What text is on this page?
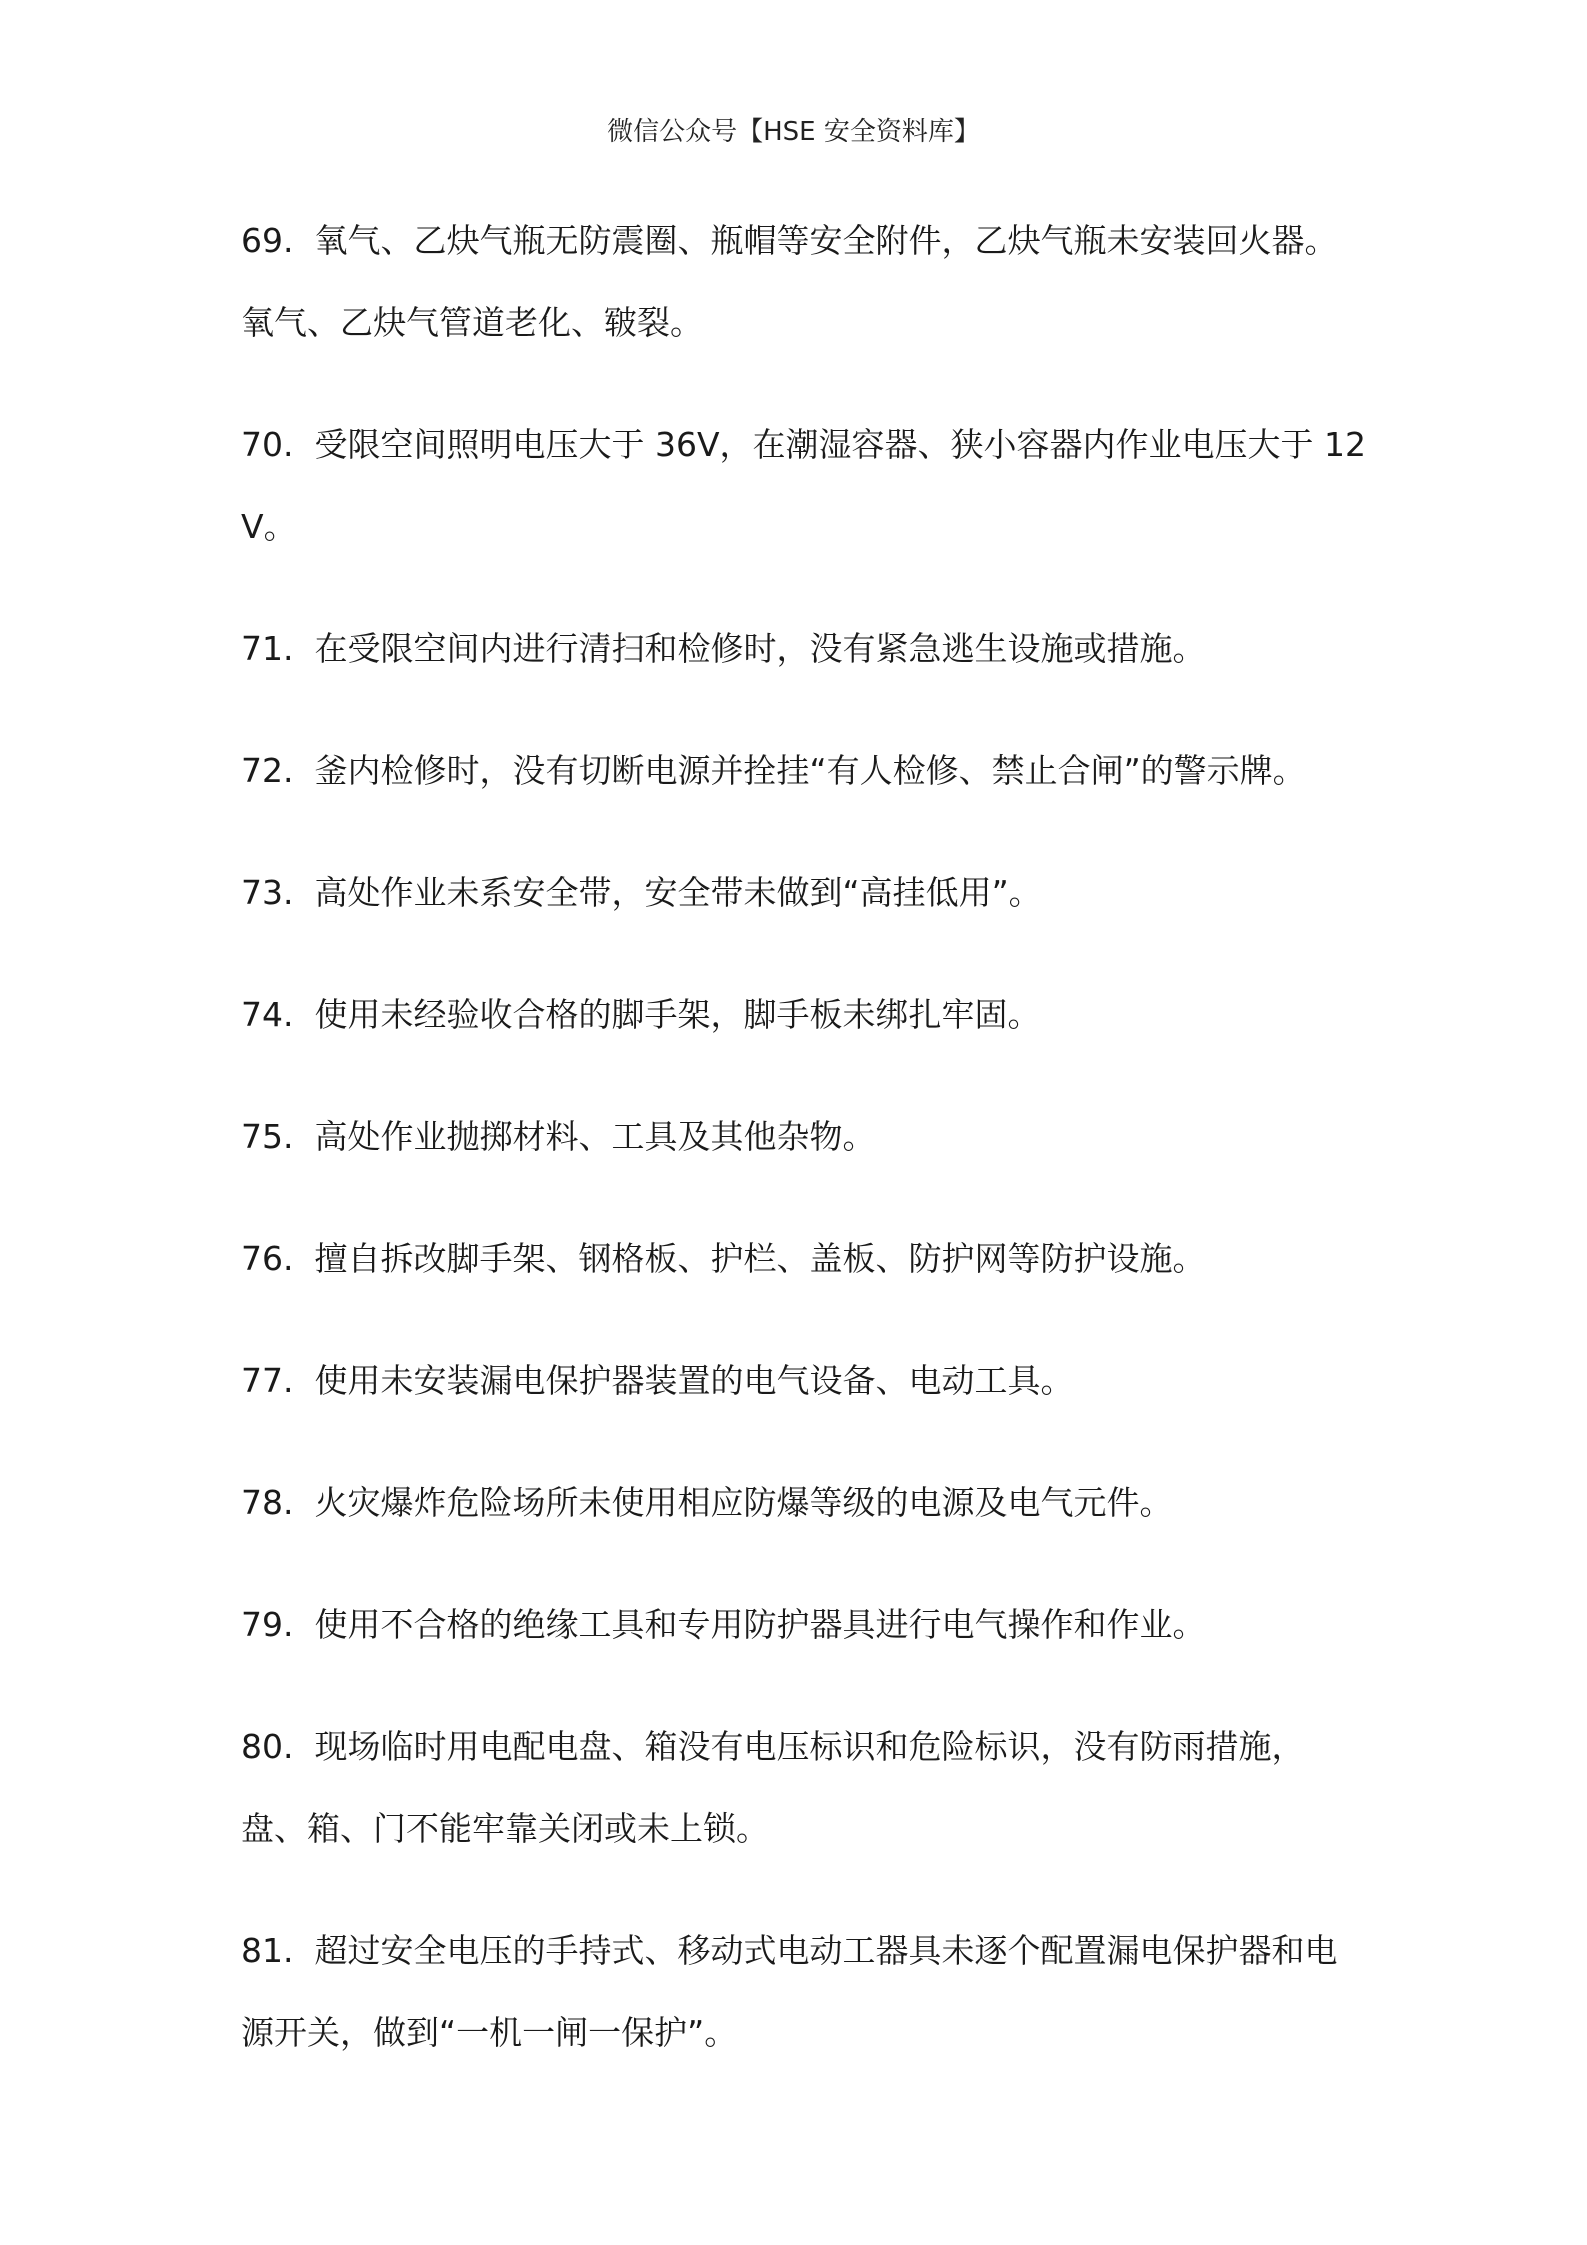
微信公众号【HSE 安全资料库】
69. 氧气、乙炔气瓶无防震圈、瓶帽等安全附件，乙炔气瓶未安装回火器。氧气、乙炔气管道老化、皲裂。
70. 受限空间照明电压大于 36V，在潮湿容器、狭小容器内作业电压大于 12V。
71. 在受限空间内进行清扫和检修时，没有紧急逃生设施或措施。
72. 釜内检修时，没有切断电源并拴挂“有人检修、禁止合闸”的警示牌。
73. 高处作业未系安全带，安全带未做到“高挂低用”。
74. 使用未经验收合格的脚手架，脚手板未绑扎牢固。
75. 高处作业抛掷材料、工具及其他杂物。
76. 擅自拆改脚手架、钢格板、护栏、盖板、防护网等防护设施。
77. 使用未安装漏电保护器装置的电气设备、电动工具。
78. 火灾爆炸危险场所未使用相应防爆等级的电源及电气元件。
79. 使用不合格的绝缘工具和专用防护器具进行电气操作和作业。
80. 现场临时用电配电盘、箱没有电压标识和危险标识，没有防雨措施，盘、箱、门不能牢靠关闭或未上锁。
81. 超过安全电压的手持式、移动式电动工器具未逐个配置漏电保护器和电源开关，做到“一机一闸一保护”。
